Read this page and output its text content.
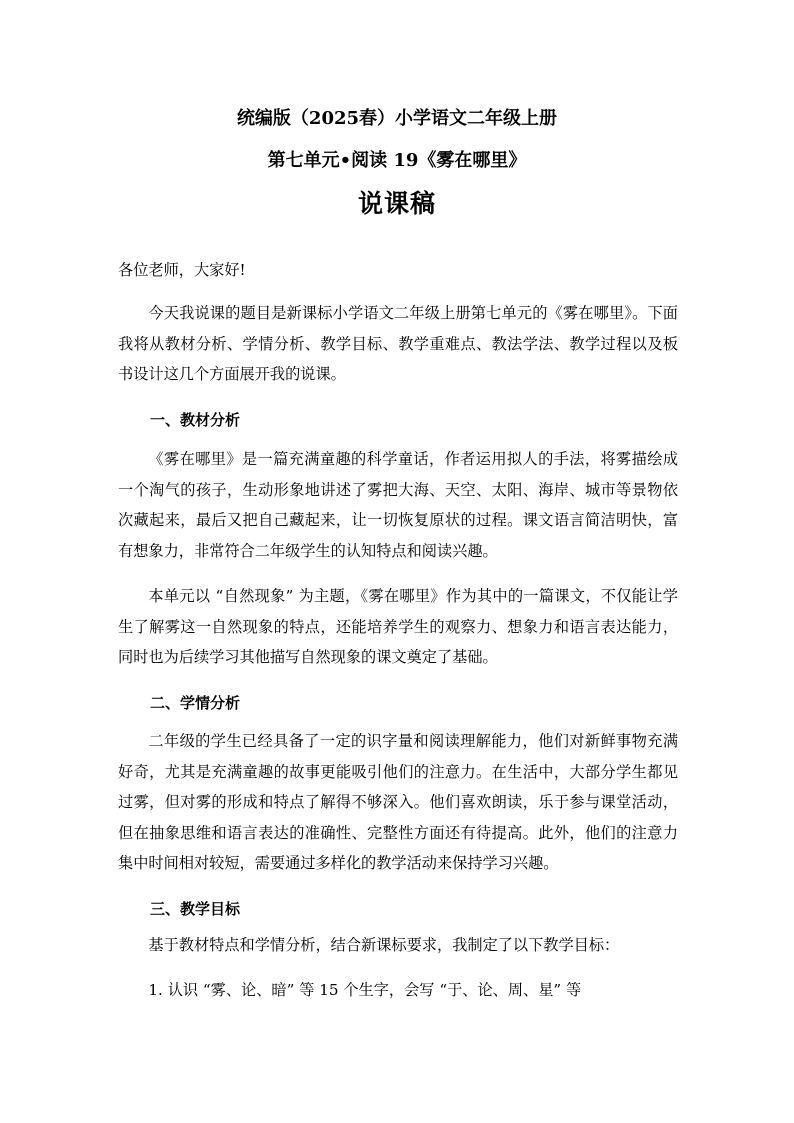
统编版（2025春）小学语文二年级上册
第七单元•阅读 19《雾在哪里》
说课稿

各位老师，大家好!

今天我说课的题目是新课标小学语文二年级上册第七单元的《雾在哪里》。下面我将从教材分析、学情分析、教学目标、教学重难点、教法学法、教学过程以及板书设计这几个方面展开我的说课。

一、教材分析

《雾在哪里》是一篇充满童趣的科学童话，作者运用拟人的手法，将雾描绘成一个淘气的孩子，生动形象地讲述了雾把大海、天空、太阳、海岸、城市等景物依次藏起来，最后又把自己藏起来，让一切恢复原状的过程。课文语言简洁明快，富有想象力，非常符合二年级学生的认知特点和阅读兴趣。

本单元以 “自然现象” 为主题，《雾在哪里》作为其中的一篇课文，不仅能让学生了解雾这一自然现象的特点，还能培养学生的观察力、想象力和语言表达能力，同时也为后续学习其他描写自然现象的课文奠定了基础。

二、学情分析

二年级的学生已经具备了一定的识字量和阅读理解能力，他们对新鲜事物充满好奇，尤其是充满童趣的故事更能吸引他们的注意力。在生活中，大部分学生都见过雾，但对雾的形成和特点了解得不够深入。他们喜欢朗读，乐于参与课堂活动，但在抽象思维和语言表达的准确性、完整性方面还有待提高。此外，他们的注意力集中时间相对较短，需要通过多样化的教学活动来保持学习兴趣。

三、教学目标

基于教材特点和学情分析，结合新课标要求，我制定了以下教学目标：

1. 认识 “雾、论、暗” 等 15 个生字，会写 “于、论、周、星” 等
